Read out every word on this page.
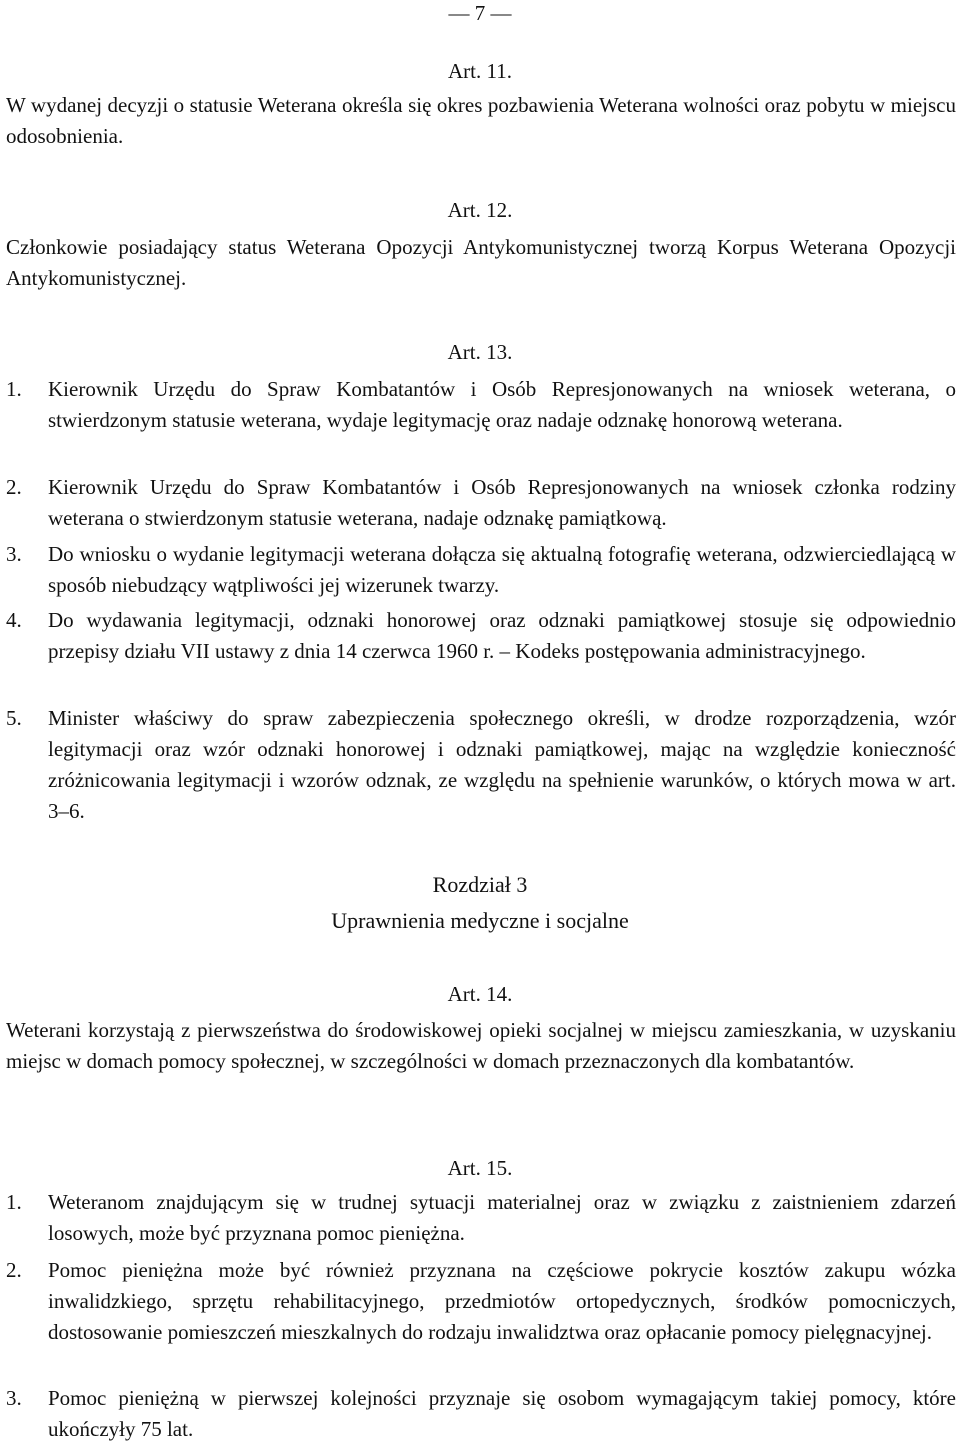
— 7 —
Art. 11.
W wydanej decyzji o statusie Weterana określa się okres pozbawienia Weterana wolności oraz pobytu w miejscu odosobnienia.
Art. 12.
Członkowie posiadający status Weterana Opozycji Antykomunistycznej tworzą Korpus Weterana Opozycji Antykomunistycznej.
Art. 13.
1. Kierownik Urzędu do Spraw Kombatantów i Osób Represjonowanych na wniosek weterana, o stwierdzonym statusie weterana, wydaje legitymację oraz nadaje odznakę honorową weterana.
2. Kierownik Urzędu do Spraw Kombatantów i Osób Represjonowanych na wniosek członka rodziny weterana o stwierdzonym statusie weterana, nadaje odznakę pamiątkową.
3. Do wniosku o wydanie legitymacji weterana dołącza się aktualną fotografię weterana, odzwierciedlającą w sposób niebudzący wątpliwości jej wizerunek twarzy.
4. Do wydawania legitymacji, odznaki honorowej oraz odznaki pamiątkowej stosuje się odpowiednio przepisy działu VII ustawy z dnia 14 czerwca 1960 r. – Kodeks postępowania administracyjnego.
5. Minister właściwy do spraw zabezpieczenia społecznego określi, w drodze rozporządzenia, wzór legitymacji oraz wzór odznaki honorowej i odznaki pamiątkowej, mając na względzie konieczność zróżnicowania legitymacji i wzorów odznak, ze względu na spełnienie warunków, o których mowa w art. 3–6.
Rozdział 3
Uprawnienia medyczne i socjalne
Art. 14.
Weterani korzystają z pierwszeństwa do środowiskowej opieki socjalnej w miejscu zamieszkania, w uzyskaniu miejsc w domach pomocy społecznej, w szczególności w domach przeznaczonych dla kombatantów.
Art. 15.
1. Weteranom znajdującym się w trudnej sytuacji materialnej oraz w związku z zaistnieniem zdarzeń losowych, może być przyznana pomoc pieniężna.
2. Pomoc pieniężna może być również przyznana na częściowe pokrycie kosztów zakupu wózka inwalidzkiego, sprzętu rehabilitacyjnego, przedmiotów ortopedycznych, środków pomocniczych, dostosowanie pomieszczeń mieszkalnych do rodzaju inwalidztwa oraz opłacanie pomocy pielęgnacyjnej.
3. Pomoc pieniężną w pierwszej kolejności przyznaje się osobom wymagającym takiej pomocy, które ukończyły 75 lat.
